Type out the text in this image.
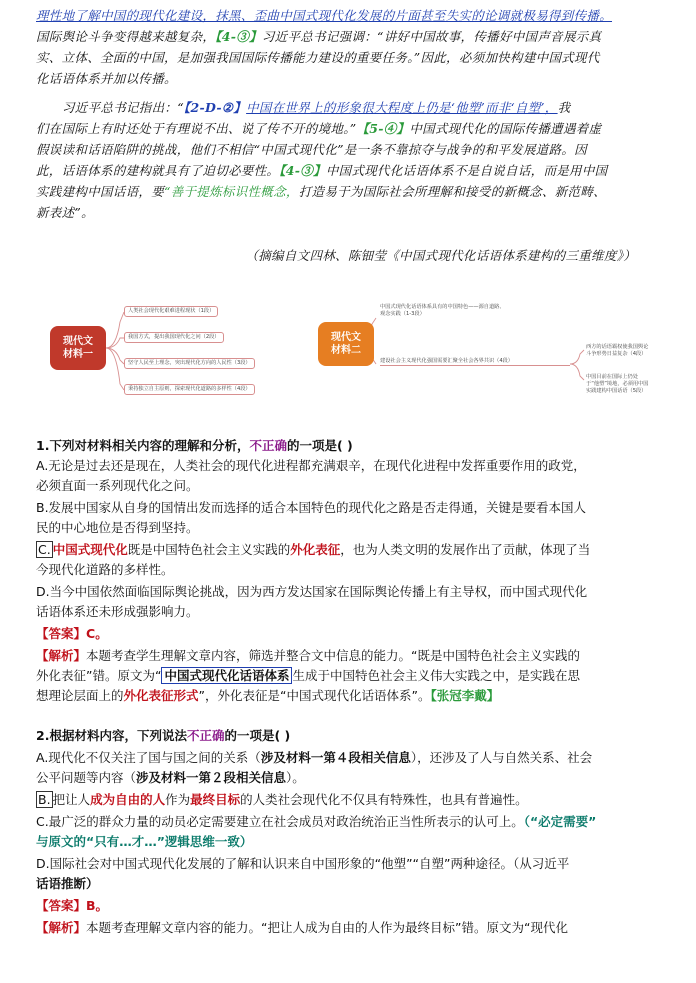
理性地了解中国的现代化建设，抹黑、歪曲中国式现代化发展的片面甚至失实的论调就极易得到传播。
国际舆论斗争变得越来越复杂，【4-③】习近平总书记强调：“讲好中国故事，传播好中国声音展示真
实、立体、全面的中国，是加强我国国际传播能力建设的重要任务。”因此，必须加快构建中国式现代
化话语体系并加以传播。
习近平总书记指出：“【2-D-②】中国在世界上的形象很大程度上仍是‘他塑’而非‘自塑’，我
们在国际上有时还处于有理说不出、说了传不开的境地。”【5-④】中国式现代化的国际传播遭遇着虚
假误读和话语陷阱的挑战，他们不相信“中国式现代化”是一条不靠掠夺与战争的和平发展道路。因
此，话语体系的建构就具有了迫切必要性。【4-③】中国式现代化话语体系不是自说自话，而是用中国
实践建构中国话语，要“善于提炼标识性概念，打造易于为国际社会所理解和接受的新概念、新范畴、
新表述”。
（摘编自文四林、陈钿莹《中国式现代化话语体系建构的三重维度》）
现代文
材料一
人类社会现代化艰难进程现状（1段）
我国方式，提出我国现代化之问（2段）
坚守人民至上理念，突出现代化方向的人民性（3段）
秉持独立自主原则，探索现代化道路的多样性（4段）
现代文
材料二
中国式现代化话语体系具有的中国特色——源自道路、观念实践（1-3段）
建设社会主义现代化强国需要汇聚全社会各界共识（4段）
西方的话语霸权使我国舆论斗争形势日益复杂（4段）
中国目前在国际上仍处于“他塑”境地，必须用中国实践建构中国话语（5段）
1.下列对材料相关内容的理解和分析，不正确的一项是( )
A.无论是过去还是现在，人类社会的现代化进程都充满艰辛，在现代化进程中发挥重要作用的政党，
必须直面一系列现代化之问。
B.发展中国家从自身的国情出发而选择的适合本国特色的现代化之路是否走得通，关键是要看本国人
民的中心地位是否得到坚持。
C. 中国式现代化既是中国特色社会主义实践的外化表征，也为人类文明的发展作出了贡献，体现了当
今现代化道路的多样性。
D.当今中国依然面临国际舆论挑战，因为西方发达国家在国际舆论传播上有主导权，而中国式现代化
话语体系还未形成强影响力。
【答案】C。
【解析】本题考查学生理解文章内容，筛选并整合文中信息的能力。“既是中国特色社会主义实践的
外化表征”错。原文为“ 中国式现代化话语体系 生成于中国特色社会主义伟大实践之中，是实践在思
想理论层面上的外化表征形式”，外化表征是“中国式现代化话语体系”。【张冠李戴】
2.根据材料内容，下列说法不正确的一项是( )
A.现代化不仅关注了国与国之间的关系（涉及材料一第４段相关信息），还涉及了人与自然关系、社会
公平问题等内容（涉及材料一第２段相关信息）。
B. 把让人成为自由的人作为最终目标的人类社会现代化不仅具有特殊性，也具有普遍性。
C.最广泛的群众力量的动员必定需要建立在社会成员对政治统治正当性所表示的认可上。（“必定需要”
与原文的“只有…才…”逻辑思维一致）
D.国际社会对中国式现代化发展的了解和认识来自中国形象的“他塑”“自塑”两种途径。（从习近平
话语推断）
【答案】B。
【解析】本题考查理解文章内容的能力。“把让人成为自由的人作为最终目标”错。原文为“现代化
